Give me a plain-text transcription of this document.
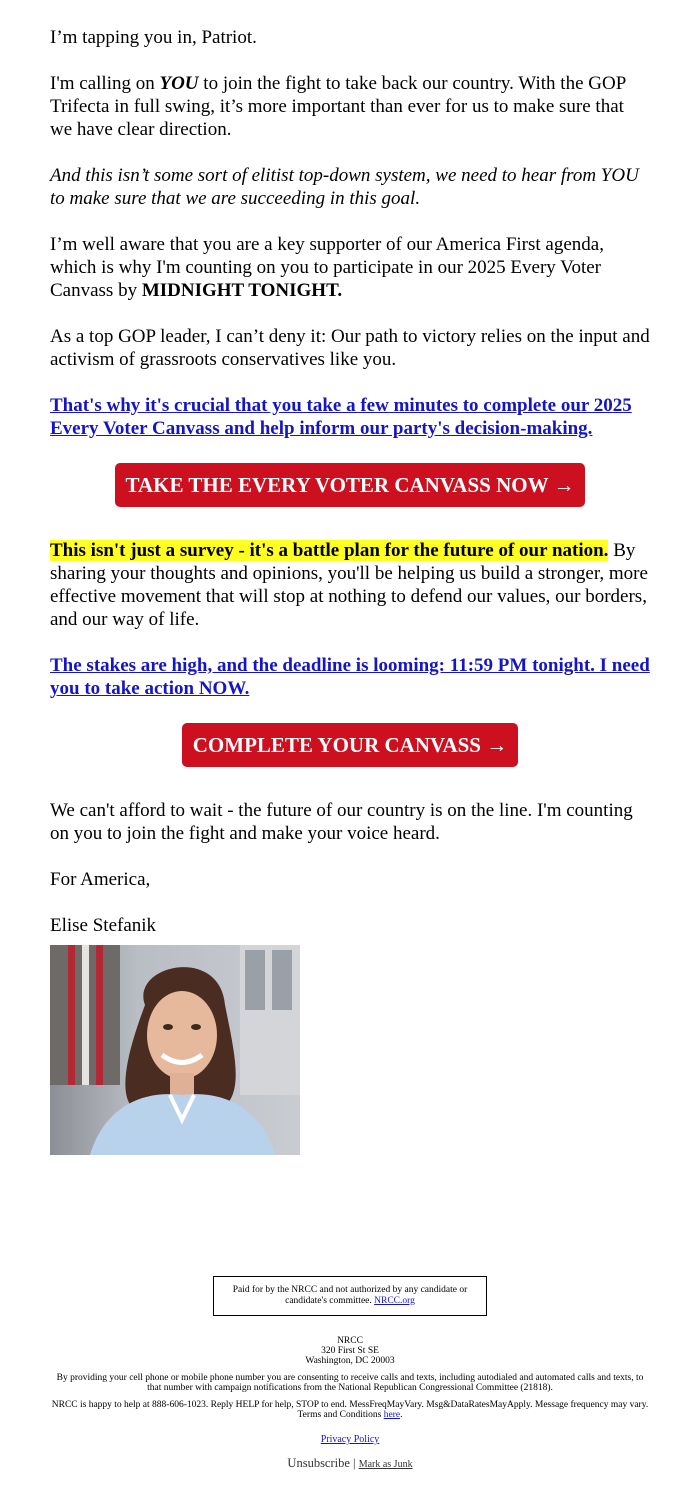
I’m tapping you in, Patriot.

I'm calling on YOU to join the fight to take back our country. With the GOP Trifecta in full swing, it’s more important than ever for us to make sure that we have clear direction.

And this isn’t some sort of elitist top-down system, we need to hear from YOU to make sure that we are succeeding in this goal.

I’m well aware that you are a key supporter of our America First agenda, which is why I'm counting on you to participate in our 2025 Every Voter Canvass by MIDNIGHT TONIGHT.

As a top GOP leader, I can’t deny it: Our path to victory relies on the input and activism of grassroots conservatives like you.

That's why it's crucial that you take a few minutes to complete our 2025 Every Voter Canvass and help inform our party's decision-making.

TAKE THE EVERY VOTER CANVASS NOW →

This isn't just a survey - it's a battle plan for the future of our nation. By sharing your thoughts and opinions, you'll be helping us build a stronger, more effective movement that will stop at nothing to defend our values, our borders, and our way of life.

The stakes are high, and the deadline is looming: 11:59 PM tonight. I need you to take action NOW.

COMPLETE YOUR CANVASS →

We can't afford to wait - the future of our country is on the line. I'm counting on you to join the fight and make your voice heard.

For America,

Elise Stefanik

Paid for by the NRCC and not authorized by any candidate or candidate's committee. NRCC.org
NRCC
320 First St SE
Washington, DC 20003
By providing your cell phone or mobile phone number you are consenting to receive calls and texts, including autodialed and automated calls and texts, to that number with campaign notifications from the National Republican Congressional Committee (21818).
NRCC is happy to help at 888-606-1023. Reply HELP for help, STOP to end. MessFreqMayVary. Msg&DataRatesMayApply. Message frequency may vary. Terms and Conditions here.
Privacy Policy
Unsubscribe | Mark as Junk
